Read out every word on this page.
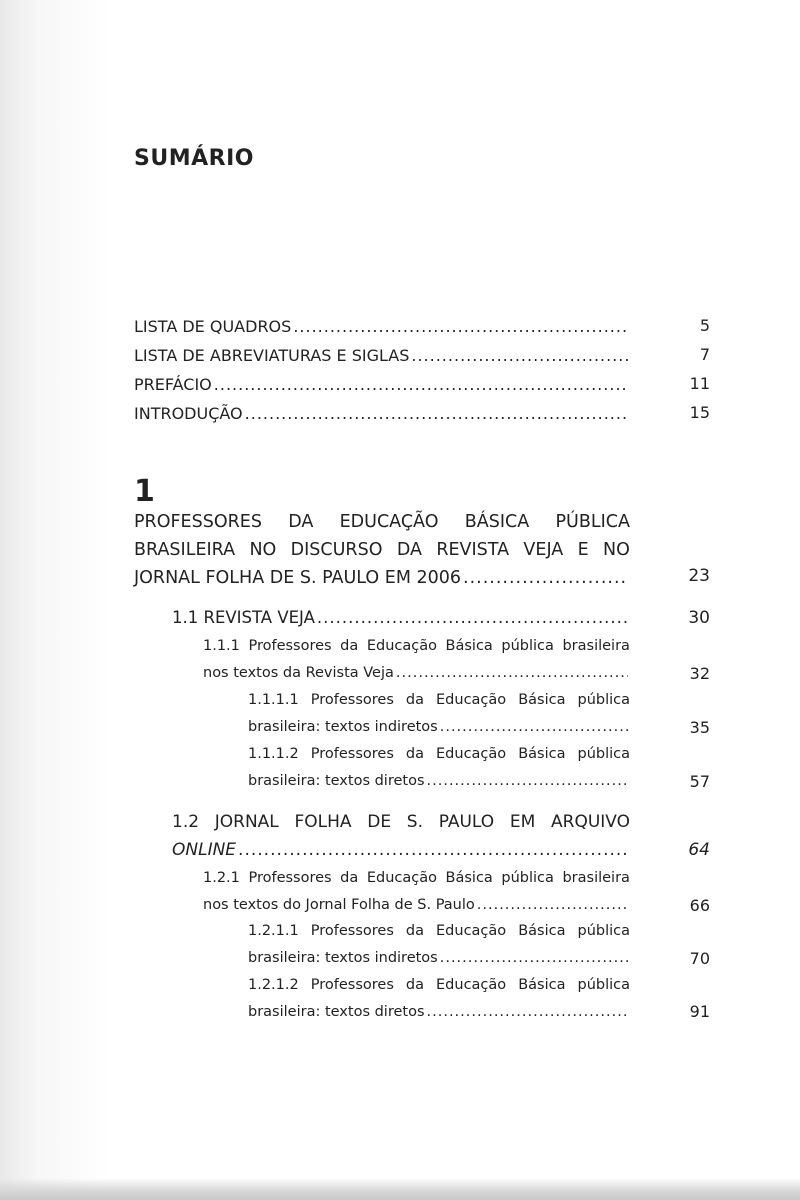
SUMÁRIO
LISTA DE QUADROS .....	5
LISTA DE ABREVIATURAS E SIGLAS .....	7
PREFÁCIO .....	11
INTRODUÇÃO .....	15
1
PROFESSORES DA EDUCAÇÃO BÁSICA PÚBLICA
BRASILEIRA NO DISCURSO DA REVISTA VEJA E NO
JORNAL FOLHA DE S. PAULO EM 2006 .....	23
1.1 REVISTA VEJA .....	30
1.1.1 Professores da Educação Básica pública brasileira
nos textos da Revista Veja .....	32
1.1.1.1 Professores da Educação Básica pública
brasileira: textos indiretos .....	35
1.1.1.2 Professores da Educação Básica pública
brasileira: textos diretos .....	57
1.2 JORNAL FOLHA DE S. PAULO EM ARQUIVO
ONLINE .....	64
1.2.1 Professores da Educação Básica pública brasileira
nos textos do Jornal Folha de S. Paulo .....	66
1.2.1.1 Professores da Educação Básica pública
brasileira: textos indiretos .....	70
1.2.1.2 Professores da Educação Básica pública
brasileira: textos diretos .....	91
